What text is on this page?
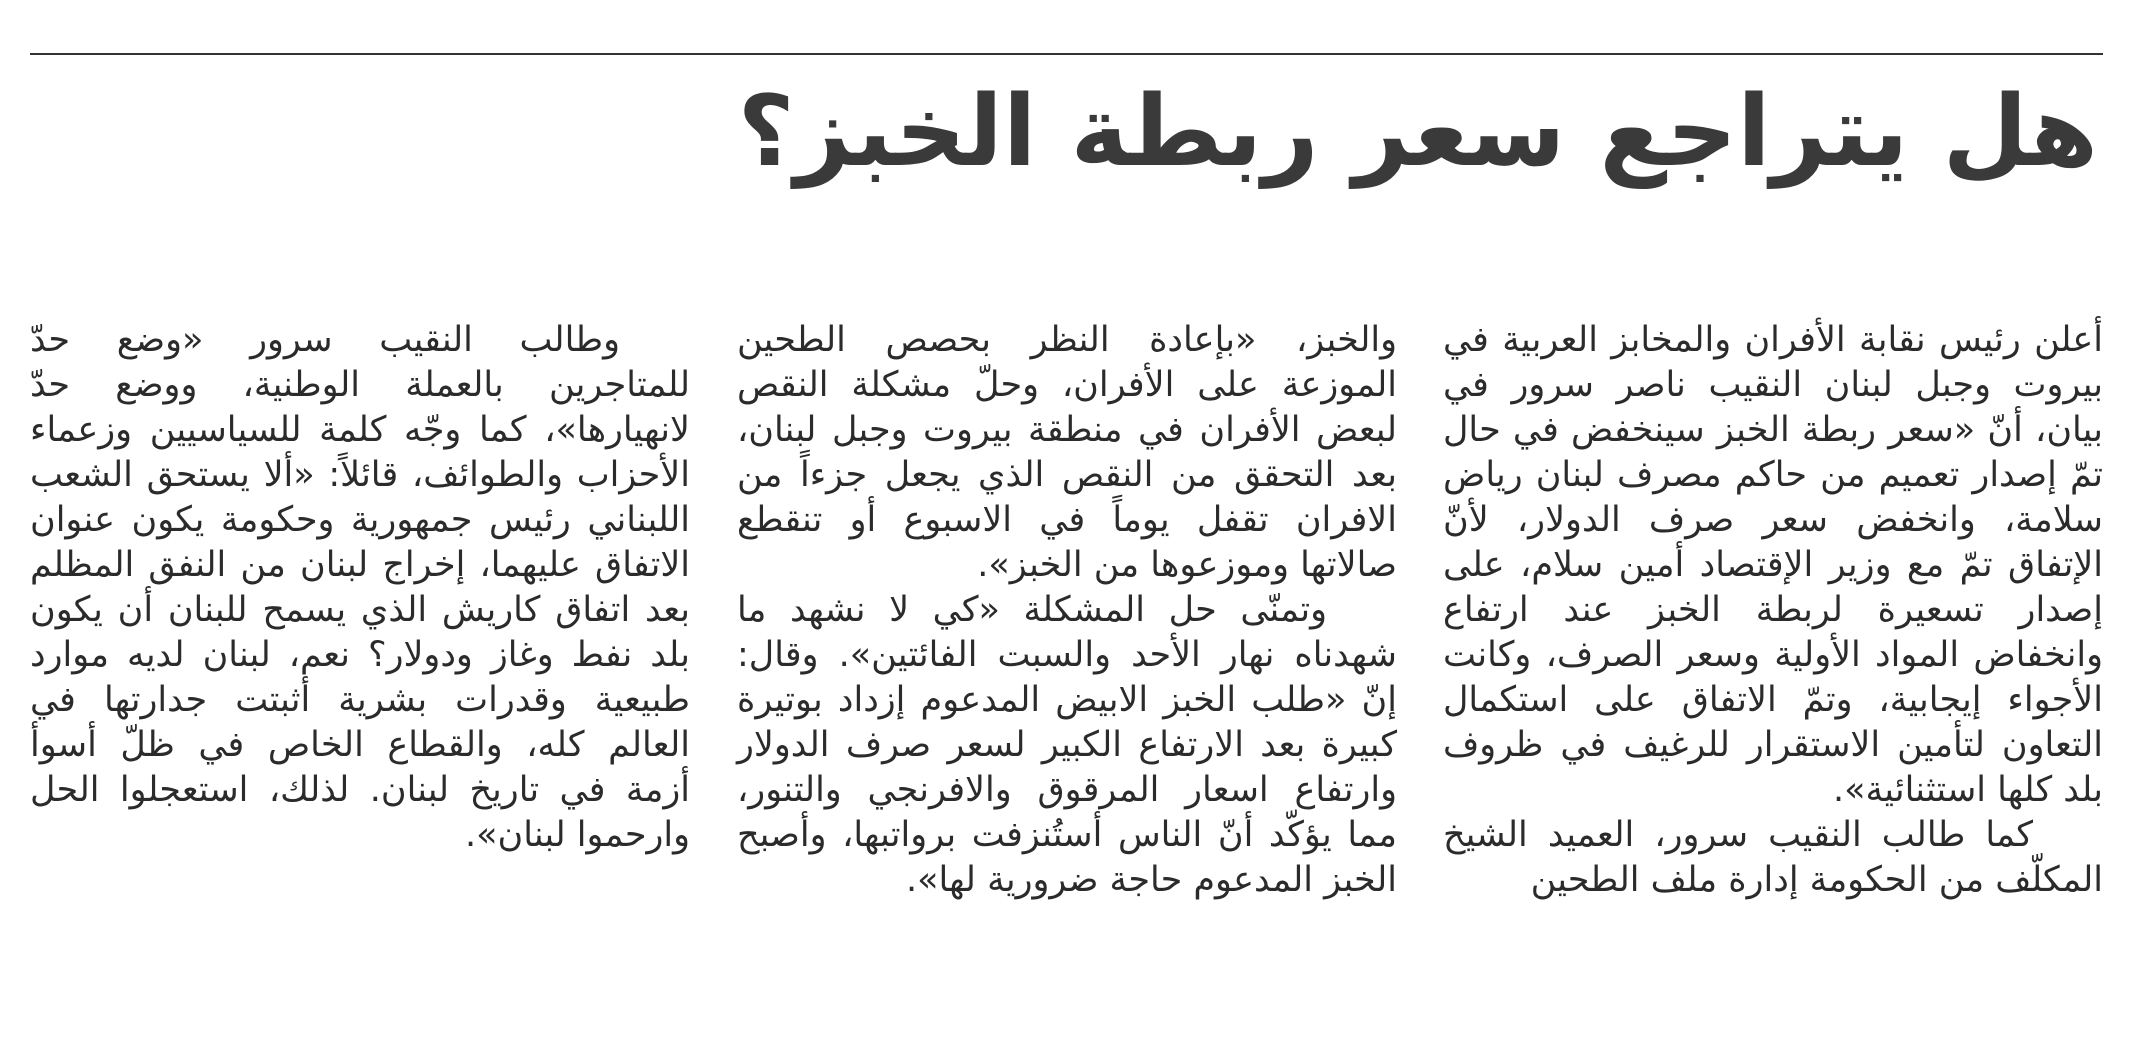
هل يتراجع سعر ربطة الخبز؟

أعلن رئيس نقابة الأفران والمخابز العربية في بيروت وجبل لبنان النقيب ناصر سرور في بيان، أنّ «سعر ربطة الخبز سينخفض في حال تمّ إصدار تعميم من حاكم مصرف لبنان رياض سلامة، وانخفض سعر صرف الدولار، لأنّ الإتفاق تمّ مع وزير الإقتصاد أمين سلام، على إصدار تسعيرة لربطة الخبز عند ارتفاع وانخفاض المواد الأولية وسعر الصرف، وكانت الأجواء إيجابية، وتمّ الاتفاق على استكمال التعاون لتأمين الاستقرار للرغيف في ظروف بلد كلها استثنائية».

كما طالب النقيب سرور، العميد الشيخ المكلّف من الحكومة إدارة ملف الطحين

والخبز، «بإعادة النظر بحصص الطحين الموزعة على الأفران، وحلّ مشكلة النقص لبعض الأفران في منطقة بيروت وجبل لبنان، بعد التحقق من النقص الذي يجعل جزءاً من الافران تقفل يوماً في الاسبوع أو تنقطع صالاتها وموزعوها من الخبز».

وتمنّى حل المشكلة «كي لا نشهد ما شهدناه نهار الأحد والسبت الفائتين». وقال: إنّ «طلب الخبز الابيض المدعوم إزداد بوتيرة كبيرة بعد الارتفاع الكبير لسعر صرف الدولار وارتفاع اسعار المرقوق والافرنجي والتنور، مما يؤكّد أنّ الناس أستُنزفت برواتبها، وأصبح الخبز المدعوم حاجة ضرورية لها».

وطالب النقيب سرور «وضع حدّ للمتاجرين بالعملة الوطنية، ووضع حدّ لانهيارها»، كما وجّه كلمة للسياسيين وزعماء الأحزاب والطوائف، قائلاً: «ألا يستحق الشعب اللبناني رئيس جمهورية وحكومة يكون عنوان الاتفاق عليهما، إخراج لبنان من النفق المظلم بعد اتفاق كاريش الذي يسمح للبنان أن يكون بلد نفط وغاز ودولار؟ نعم، لبنان لديه موارد طبيعية وقدرات بشرية أثبتت جدارتها في العالم كله، والقطاع الخاص في ظلّ أسوأ أزمة في تاريخ لبنان. لذلك، استعجلوا الحل وارحموا لبنان».
